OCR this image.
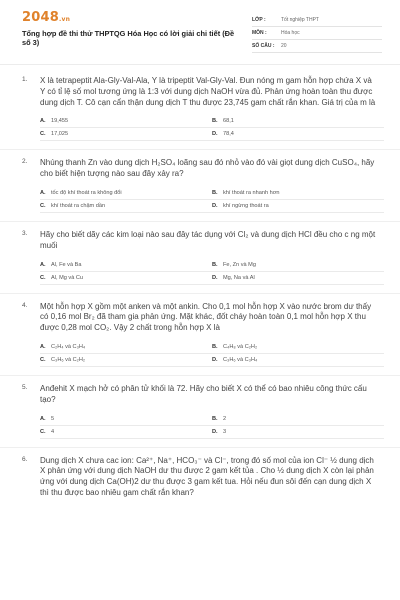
2048.vn
Tổng hợp đề thi thử THPTQG Hóa Học có lời giải chi tiết (Đề số 3)
LỚP :	Tốt nghiệp THPT
MÔN :	Hóa học
SỐ CÂU :	20
1. X là tetrapeptit Ala-Gly-Val-Ala, Y là tripeptit Val-Gly-Val. Đun nóng m gam hỗn hợp chứa X và Y có tỉ lệ số mol tương ứng là 1:3 với dung dịch NaOH vừa đủ. Phản ứng hoàn toàn thu được dung dịch T. Cô cạn cẩn thận dung dịch T thu được 23,745 gam chất rắn khan. Giá trị của m là
A .	19,455	B .	68,1
C .	17,025	D .	78,4
2. Nhúng thanh Zn vào dung dịch H₂SO₄ loãng sau đó nhỏ vào đó vài giọt dung dịch CuSO₄, hãy cho biết hiện tượng nào sau đây xảy ra?
A .	tốc độ khí thoát ra không đổi	B .	khí thoát ra nhanh hơn
C .	khí thoát ra chậm dần	D .	khí ngừng thoát ra
3. Hãy cho biết dãy các kim loại nào sau đây tác dụng với Cl₂ và dung dịch HCl đều cho c ng một muối
A .	Al, Fe và Ba	B .	Fe, Zn và Mg
C .	Al, Mg và Cu	D .	Mg, Na và Al
4. Một hỗn hợp X gồm một anken và một ankin. Cho 0,1 mol hỗn hợp X vào nước brom dư thấy có 0,16 mol Br₂ đã tham gia phản ứng. Mặt khác, đốt cháy hoàn toàn 0,1 mol hỗn hợp X thu được 0,28 mol CO₂. Vậy 2 chất trong hỗn hợp X là
A .	C₂H₄ và C₃H₄	B .	C₄H₈ và C₂H₂
C .	C₃H₆ và C₂H₂	D .	C₃H₆ và C₃H₄
5. Anđehit X mạch hở có phân tử khối là 72. Hãy cho biết X có thể có bao nhiêu công thức cấu tạo?
A .	5	B .	2
C .	4	D .	3
6. Dung dịch X chưa cac ion: Ca²⁺, Na⁺, HCO₃⁻ và Cl⁻, trong đó số mol của ion Cl⁻ ½ dung dịch X phản ứng với dung dịch NaOH dư thu được 2 gam kết tủa . Cho ½ dung dịch X còn lại phản ứng với dung dịch Ca(OH)2 dư thu được 3 gam kết tua. Hỏi nếu đun sôi đến cạn dung dịch X thì thu được bao nhiêu gam chất rắn khan?
